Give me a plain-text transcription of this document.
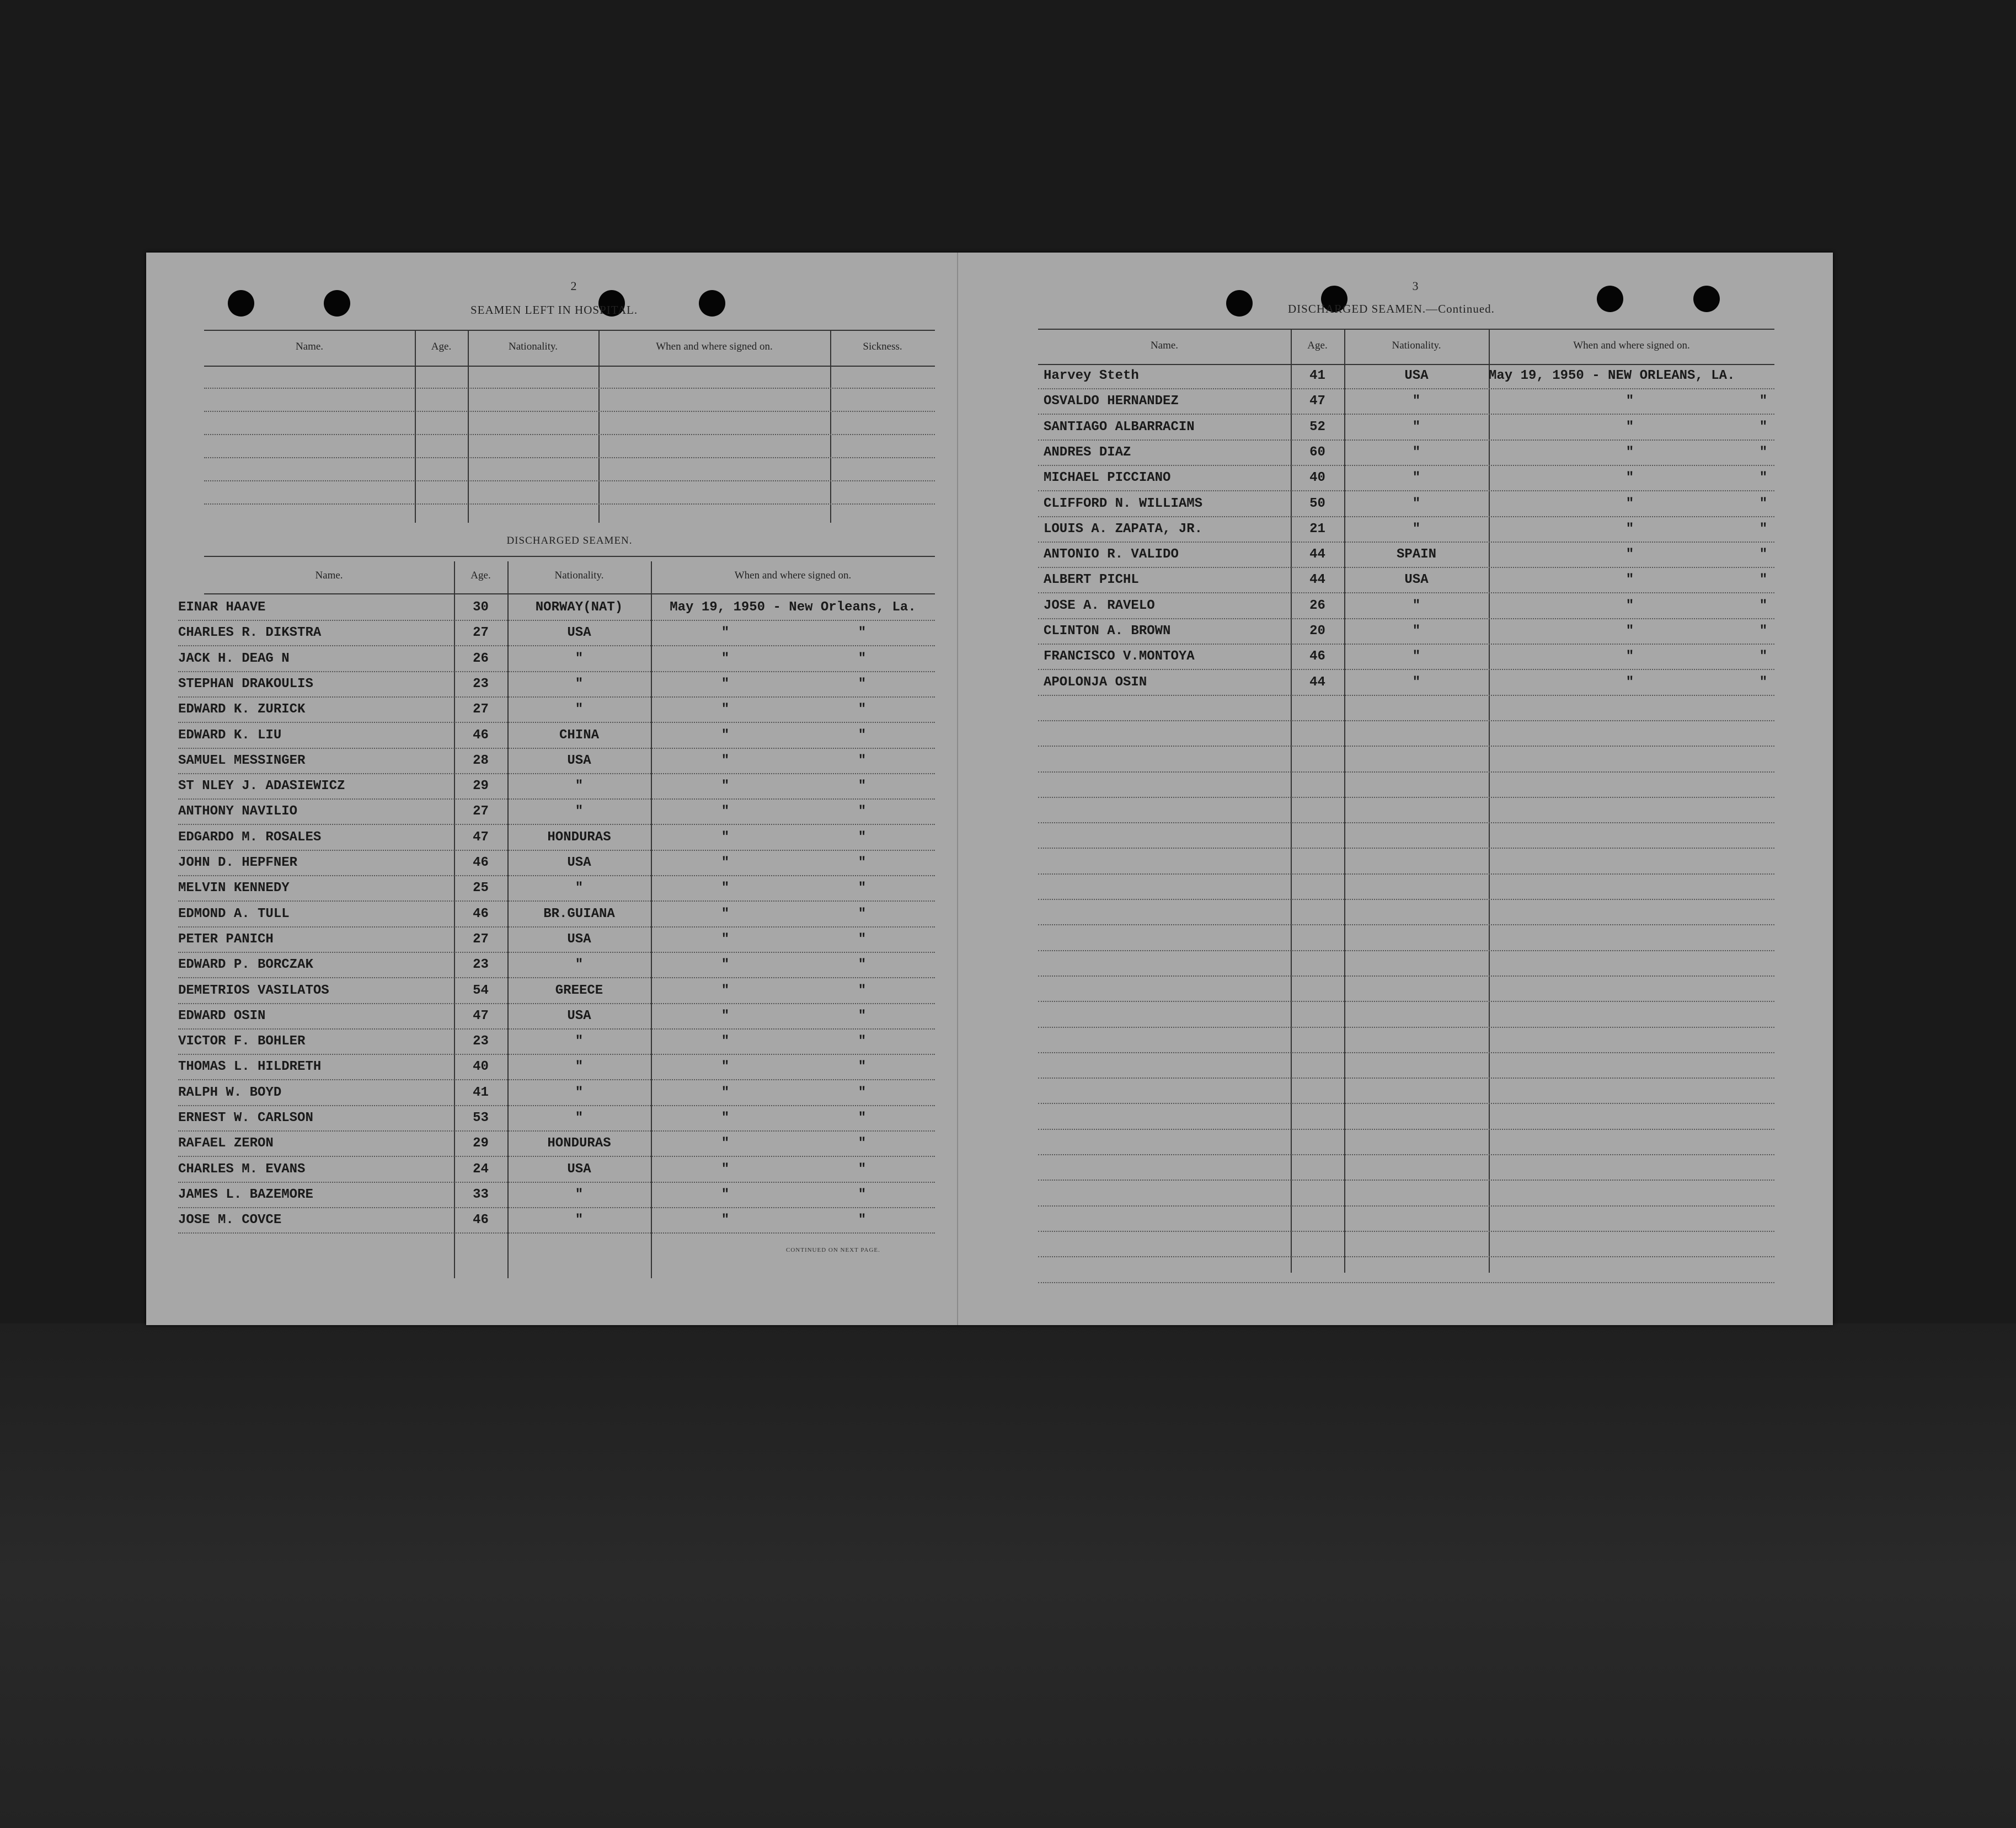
2
SEAMEN LEFT IN HOSPITAL.
Name.	Age.	Nationality.	When and where signed on.	Sickness.
DISCHARGED SEAMEN.
Name.	Age.	Nationality.	When and where signed on.
EINAR HAAVE	30	NORWAY(NAT)	May 19, 1950 - New Orleans, La.
CHARLES R. DIKSTRA	27	USA	"	"
JACK H. DEAG N	26	"	"	"
STEPHAN DRAKOULIS	23	"	"	"
EDWARD K. ZURICK	27	"	"	"
EDWARD K. LIU	46	CHINA	"	"
SAMUEL MESSINGER	28	USA	"	"
ST NLEY J. ADASIEWICZ	29	"	"	"
ANTHONY NAVILIO	27	"	"	"
EDGARDO M. ROSALES	47	HONDURAS	"	"
JOHN D. HEPFNER	46	USA	"	"
MELVIN KENNEDY	25	"	"	"
EDMOND A. TULL	46	BR.GUIANA	"	"
PETER PANICH	27	USA	"	"
EDWARD P. BORCZAK	23	"	"	"
DEMETRIOS VASILATOS	54	GREECE	"	"
EDWARD OSIN	47	USA	"	"
VICTOR F. BOHLER	23	"	"	"
THOMAS L. HILDRETH	40	"	"	"
RALPH W. BOYD	41	"	"	"
ERNEST W. CARLSON	53	"	"	"
RAFAEL ZERON	29	HONDURAS	"	"
CHARLES M. EVANS	24	USA	"	"
JAMES L. BAZEMORE	33	"	"	"
JOSE M. COVCE	46	"	"	"
CONTINUED ON NEXT PAGE.
3
DISCHARGED SEAMEN.—Continued.
Name.	Age.	Nationality.	When and where signed on.
Harvey Steth	41	USA	May 19, 1950 - NEW ORLEANS, LA.
OSVALDO HERNANDEZ	47	"	"	"
SANTIAGO ALBARRACIN	52	"	"	"
ANDRES DIAZ	60	"	"	"
MICHAEL PICCIANO	40	"	"	"
CLIFFORD N. WILLIAMS	50	"	"	"
LOUIS A. ZAPATA, JR.	21	"	"	"
ANTONIO R. VALIDO	44	SPAIN	"	"
ALBERT PICHL	44	USA	"	"
JOSE A. RAVELO	26	"	"	"
CLINTON A. BROWN	20	"	"	"
FRANCISCO V.MONTOYA	46	"	"	"
APOLONJA OSIN	44	"	"	"
